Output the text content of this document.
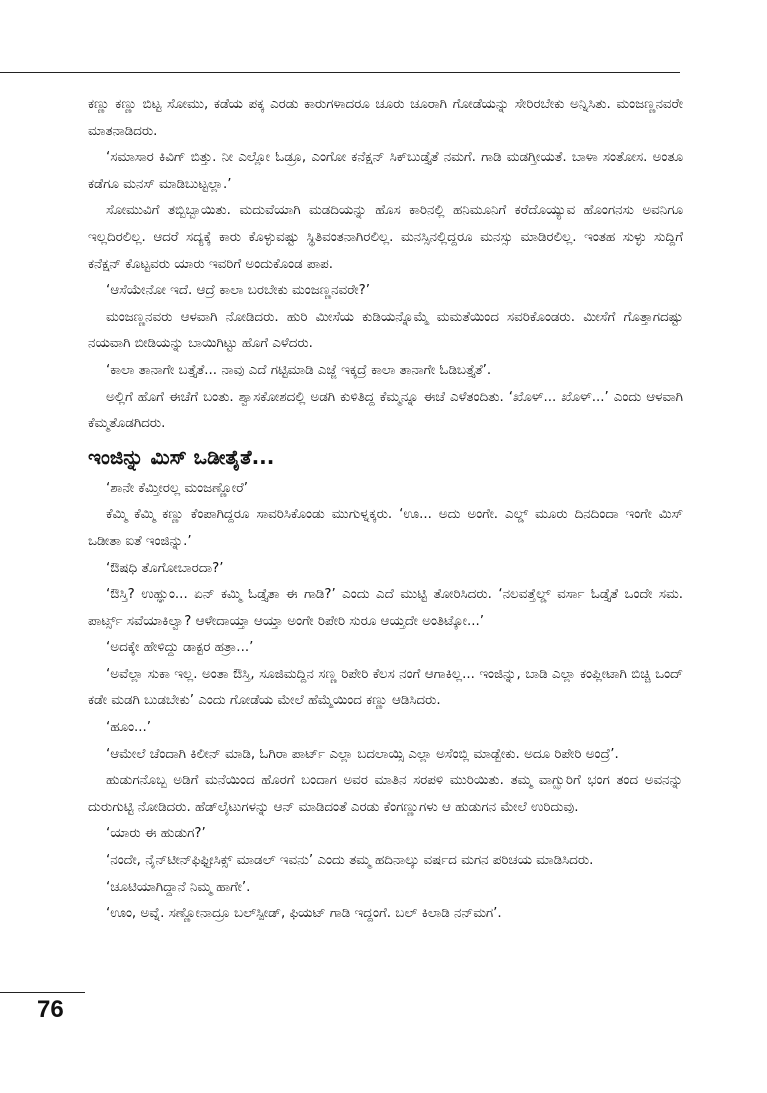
ಕಣ್ಣು ಕಣ್ಣು ಬಿಟ್ಟ ಸೋಮು, ಕಡೆಯ ಪಕ್ಕ ಎರಡು ಕಾರುಗಳಾದರೂ ಚೂರು ಚೂರಾಗಿ ಗೋಡೆಯನ್ನು ಸೇರಿರಬೇಕು ಅನ್ನಿಸಿತು. ಮಂಜಣ್ಣನವರೇ ಮಾತನಾಡಿದರು.

‘ಸಮಾಸಾರ ಕಿವಿಗ್ ಬಿತ್ತು. ನೀ ಎಲ್ಲೋ ಓಡ್ರೂ, ಎಂಗೋ ಕನೆಕ್ಷನ್ ಸಿಕ್‌ಬುಡ್ತೈತೆ ನಮಗೆ. ಗಾಡಿ ಮಡಗ್ತೀಯತೆ. ಬಾಳಾ ಸಂತೋಸ. ಅಂತೂ ಕಡೆಗೂ ಮನಸ್ ಮಾಡಿಬುಟ್ಟಲ್ಲಾ.’

ಸೋಮುವಿಗೆ ತಬ್ಬಿಬ್ಬಾಯಿತು. ಮದುವೆಯಾಗಿ ಮಡದಿಯನ್ನು ಹೊಸ ಕಾರಿನಲ್ಲಿ ಹನಿಮೂನಿಗೆ ಕರೆದೊಯ್ಯುವ ಹೊಂಗನಸು ಅವನಿಗೂ ಇಲ್ಲದಿರಲಿಲ್ಲ. ಆದರೆ ಸದ್ಯಕ್ಕೆ ಕಾರು ಕೊಳ್ಳುವಷ್ಟು ಸ್ಥಿತಿವಂತನಾಗಿರಲಿಲ್ಲ. ಮನಸ್ಸಿನಲ್ಲಿದ್ದರೂ ಮನಸ್ಸು ಮಾಡಿರಲಿಲ್ಲ. ಇಂತಹ ಸುಳ್ಳು ಸುದ್ದಿಗೆ ಕನೆಕ್ಷನ್ ಕೊಟ್ಟವರು ಯಾರು ಇವರಿಗೆ ಅಂದುಕೊಂಡ ಪಾಪ.

‘ಆಸೆಯೇನೋ ಇದೆ. ಆದ್ರೆ ಕಾಲಾ ಬರಬೇಕು ಮಂಜಣ್ಣನವರೇ?’

ಮಂಜಣ್ಣನವರು ಆಳವಾಗಿ ನೋಡಿದರು. ಹುರಿ ಮೀಸೆಯ ಕುಡಿಯನ್ನೊಮ್ಮೆ ಮಮತೆಯಿಂದ ಸವರಿಕೊಂಡರು. ಮೀಸೆಗೆ ಗೊತ್ತಾಗದಷ್ಟು ನಯವಾಗಿ ಬೀಡಿಯನ್ನು ಬಾಯಿಗಿಟ್ಟು ಹೊಗೆ ಎಳೆದರು.

‘ಕಾಲಾ ತಾನಾಗೇ ಬತ್ತೈತೆ... ನಾವು ಎದೆ ಗಟ್ಟಿಮಾಡಿ ಎಜ್ಜೆ ಇಕ್ಕದ್ರೆ ಕಾಲಾ ತಾನಾಗೇ ಓಡಿಬತ್ತೈತೆ’.

ಅಲ್ಲಿಗೆ ಹೊಗೆ ಈಚೆಗೆ ಬಂತು. ಶ್ವಾಸಕೋಶದಲ್ಲಿ ಅಡಗಿ ಕುಳಿತಿದ್ದ ಕೆಮ್ಮನ್ನೂ ಈಚೆ ಎಳೆತಂದಿತು. ‘ಖೊಳ್... ಖೊಳ್...’ ಎಂದು ಆಳವಾಗಿ ಕೆಮ್ಮತೊಡಗಿದರು.

ಇಂಜಿನ್ನು ಮಿಸ್ ಒಡೀತೈತೆ...

‘ಶಾನೇ ಕೆಮ್ತೀರಲ್ಲ ಮಂಜಣ್ಣೋರೆ’

ಕೆಮ್ಮಿ ಕೆಮ್ಮಿ ಕಣ್ಣು ಕೆಂಪಾಗಿದ್ದರೂ ಸಾವರಿಸಿಕೊಂಡು ಮುಗುಳ್ನಕ್ಕರು. ‘ಊ... ಅದು ಅಂಗೇ. ಎಲ್ಡ್ ಮೂರು ದಿನದಿಂದಾ ಇಂಗೇ ಮಿಸ್ ಒಡೀತಾ ಐತೆ ಇಂಜಿನ್ನು.’

‘ಔಷಧಿ ತೊಗೋಬಾರದಾ?’

‘ಔಸ್ತಿ? ಉಹ್ಞುಂ... ಏನ್ ಕಮ್ಮಿ ಓಡ್ತೈತಾ ಈ ಗಾಡಿ?’ ಎಂದು ಎದೆ ಮುಟ್ಟಿ ತೋರಿಸಿದರು. ‘ನಲವತ್ತೆಲ್ಡ್ ವರ್ಸಾ ಓಡ್ತೈತೆ ಒಂದೇ ಸಮ. ಪಾರ್ಟ್ಸ್ ಸವೆಯಾಕಿಲ್ವಾ? ಆಳೇದಾಯ್ತಾ ಆಯ್ತಾ ಅಂಗೇ ರಿಪೇರಿ ಸುರೂ ಆಯ್ತದೇ ಅಂತಿಟ್ಕೋ...’

‘ಅದಕ್ಕೇ ಹೇಳಿದ್ದು ಡಾಕ್ಟರ ಹತ್ರಾ...’

‘ಅವೆಲ್ಲಾ ಸುಕಾ ಇಲ್ಲ. ಅಂತಾ ಔಸ್ತಿ, ಸೂಜಿಮದ್ದಿನ ಸಣ್ಣ ರಿಪೇರಿ ಕೆಲಸ ನಂಗೆ ಆಗಾಕಿಲ್ಲ... ಇಂಜಿನ್ನು, ಬಾಡಿ ಎಲ್ಲಾ ಕಂಪ್ಲೀಟಾಗಿ ಬಿಚ್ಚಿ ಒಂದ್ ಕಡೇ ಮಡಗಿ ಬುಡಬೇಕು’ ಎಂದು ಗೋಡೆಯ ಮೇಲೆ ಹೆಮ್ಮೆಯಿಂದ ಕಣ್ಣು ಆಡಿಸಿದರು.

‘ಹೂಂ...’

‘ಆಮೇಲೆ ಚೆಂದಾಗಿ ಕಿಲೀನ್ ಮಾಡಿ, ಓಗಿರಾ ಪಾರ್ಟ್ ಎಲ್ಲಾ ಬದಲಾಯ್ಸಿ ಎಲ್ಲಾ ಅಸೆಂಬ್ಲಿ ಮಾಡ್ಬೇಕು. ಅದೂ ರಿಪೇರಿ ಅಂದ್ರೆ’.

ಹುಡುಗನೊಬ್ಬ ಅಡಿಗೆ ಮನೆಯಿಂದ ಹೊರಗೆ ಬಂದಾಗ ಅವರ ಮಾತಿನ ಸರಪಳಿ ಮುರಿಯಿತು. ತಮ್ಮ ವಾಗ್ಝುರಿಗೆ ಭಂಗ ತಂದ ಅವನನ್ನು ದುರುಗುಟ್ಟಿ ನೋಡಿದರು. ಹೆಡ್‌ಲೈಟುಗಳನ್ನು ಆನ್ ಮಾಡಿದಂತೆ ಎರಡು ಕೆಂಗಣ್ಣುಗಳು ಆ ಹುಡುಗನ ಮೇಲೆ ಉರಿದುವು.

‘ಯಾರು ಈ ಹುಡುಗ?’

‘ನಂದೇ, ನೈನ್‌ಟೀನ್‌ಫಿಫ್ಟೀಸಿಕ್ಸ್ ಮಾಡಲ್ ಇವನು’ ಎಂದು ತಮ್ಮ ಹದಿನಾಲ್ಕು ವರ್ಷದ ಮಗನ ಪರಿಚಯ ಮಾಡಿಸಿದರು.

‘ಚೂಟಿಯಾಗಿದ್ದಾನೆ ನಿಮ್ಮ ಹಾಗೇ’.

‘ಊಂ, ಅವ್ನೆ. ಸಣ್ಣೋನಾದ್ರೂ ಬಲ್‌ಸ್ಪೀಡ್, ಫಿಯಟ್ ಗಾಡಿ ಇದ್ದಂಗೆ. ಬಲ್ ಕಿಲಾಡಿ ನನ್‌ಮಗ’.

76
